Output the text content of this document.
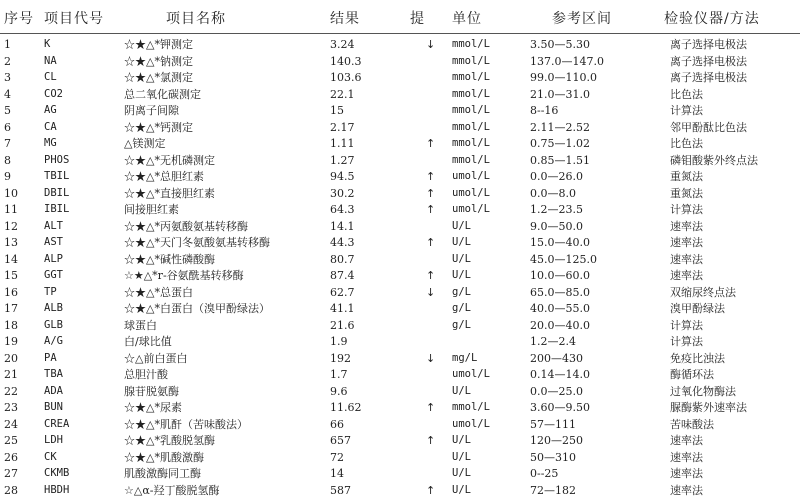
序号 项目代号	项目名称	结果	提 单位	参考区间	检验仪器/方法
1	K	☆★△*钾测定	3.24	↓ mmol/L	3.50—5.30	离子选择电极法
2	NA	☆★△*钠测定	140.3	mmol/L	137.0—147.0	离子选择电极法
3	CL	☆★△*氯测定	103.6	mmol/L	99.0—110.0	离子选择电极法
4	CO2	总二氧化碳测定	22.1	mmol/L	21.0—31.0	比色法
5	AG	阴离子间隙	15	mmol/L	8--16	计算法
6	CA	☆★△*钙测定	2.17	mmol/L	2.11—2.52	邻甲酚酞比色法
7	MG	△镁测定	1.11	↑ mmol/L	0.75—1.02	比色法
8	PHOS	☆★△*无机磷测定	1.27	mmol/L	0.85—1.51	磷钼酸紫外终点法
9	TBIL	☆★△*总胆红素	94.5	↑ umol/L	0.0—26.0	重氮法
10 DBIL	☆★△*直接胆红素	30.2	↑ umol/L	0.0—8.0	重氮法
11 IBIL	间接胆红素	64.3	↑ umol/L	1.2—23.5	计算法
12 ALT	☆★△*丙氨酸氨基转移酶	14.1	U/L	9.0—50.0	速率法
13 AST	☆★△*天门冬氨酸氨基转移酶	44.3	↑ U/L	15.0—40.0	速率法
14 ALP	☆★△*碱性磷酸酶	80.7	U/L	45.0—125.0	速率法
15 GGT	☆★△*r-谷氨酰基转移酶	87.4	↑ U/L	10.0—60.0	速率法
16 TP	☆★△*总蛋白	62.7	↓ g/L	65.0—85.0	双缩尿终点法
17 ALB	☆★△*白蛋白（溴甲酚绿法）	41.1	g/L	40.0—55.0	溴甲酚绿法
18 GLB	球蛋白	21.6	g/L	20.0—40.0	计算法
19 A/G	白/球比值	1.9	1.2—2.4	计算法
20 PA	☆△前白蛋白	192	↓ mg/L	200—430	免疫比浊法
21 TBA	总胆汁酸	1.7	umol/L	0.14—14.0	酶循环法
22 ADA	腺苷脱氨酶	9.6	U/L	0.0—25.0	过氧化物酶法
23 BUN	☆★△*尿素	11.62	↑ mmol/L	3.60—9.50	脲酶紫外速率法
24 CREA	☆★△*肌酐（苦味酸法）	66	umol/L	57—111	苦味酸法
25 LDH	☆★△*乳酸脱氢酶	657	↑ U/L	120—250	速率法
26 CK	☆★△*肌酸激酶	72	U/L	50—310	速率法
27 CKMB	肌酸激酶同工酶	14	U/L	0--25	速率法
28 HBDH	☆△α-羟丁酸脱氢酶	587	↑ U/L	72—182	速率法
